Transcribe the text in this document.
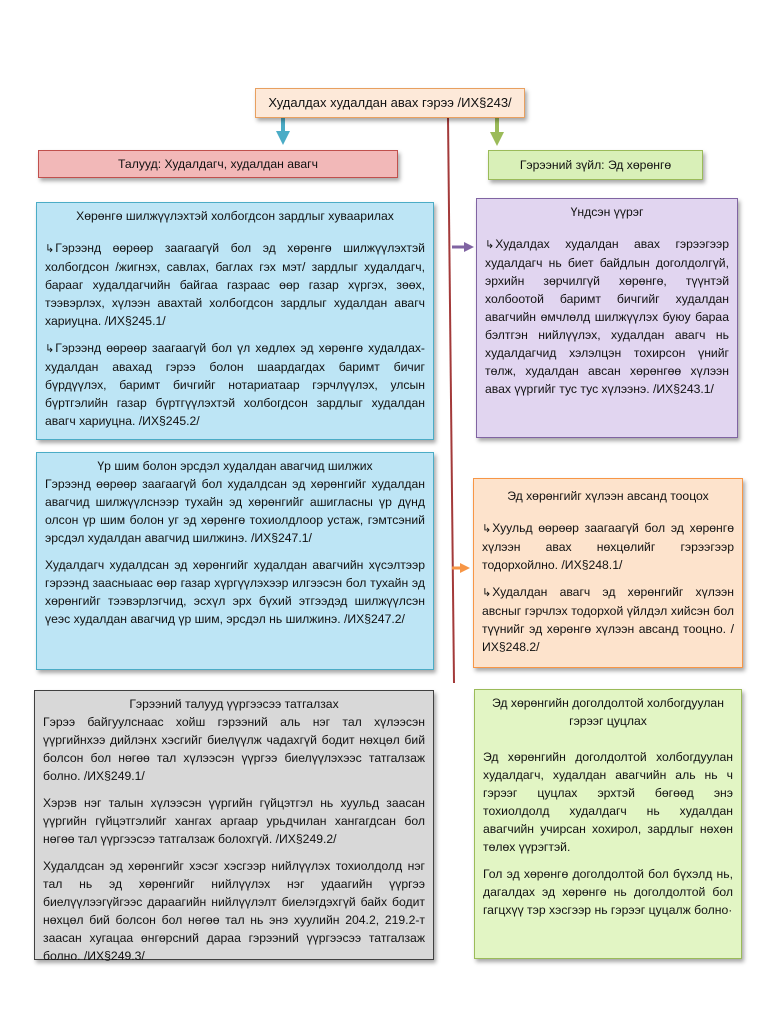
Худалдах худалдан авах гэрээ /ИХ§243/
Талууд: Худалдагч, худалдан авагч	Гэрээний зүйл: Эд хөрөнгө
Хөрөнгө шилжүүлэхтэй холбогдсон зардлыг хуваарилах

↳ Гэрээнд өөрөөр заагаагүй бол эд хөрөнгө шилжүүлэхтэй холбогдсон /жигнэх, савлах, баглах гэх мэт/ зардлыг худалдагч, барааг худалдагчийн байгаа газраас өөр газар хүргэх, зөөх, тээвэрлэх, хүлээн авахтай холбогдсон зардлыг худалдан авагч хариуцна. /ИХ§245.1/

↳ Гэрээнд өөрөөр заагаагүй бол үл хөдлөх эд хөрөнгө худалдах-худалдан авахад гэрээ болон шаардагдах баримт бичиг бүрдүүлэх, баримт бичгийг нотариатаар гэрчлүүлэх, улсын бүртгэлийн газар бүртгүүлэхтэй холбогдсон зардлыг худалдан авагч хариуцна. /ИХ§245.2/

Үр шим болон эрсдэл худалдан авагчид шилжих

Гэрээнд өөрөөр заагаагүй бол худалдсан эд хөрөнгийг худалдан авагчид шилжүүлснээр тухайн эд хөрөнгийг ашигласны үр дүнд олсон үр шим болон уг эд хөрөнгө тохиолдлоор устаж, гэмтсэний эрсдэл худалдан авагчид шилжинэ. /ИХ§247.1/

Худалдагч худалдсан эд хөрөнгийг худалдан авагчийн хүсэлтээр гэрээнд заасныаас өөр газар хүргүүлэхээр илгээсэн бол тухайн эд хөрөнгийг тээвэрлэгчид, эсхүл эрх бүхий этгээдэд шилжүүлсэн үеэс худалдан авагчид үр шим, эрсдэл нь шилжинэ. /ИХ§247.2/

Гэрээний талууд үүргээсээ татгалзах

Гэрээ байгуулснаас хойш гэрээний аль нэг тал хүлээсэн үүргийнхээ дийлэнх хэсгийг биелүүлж чадахгүй бодит нөхцөл бий болсон бол нөгөө тал хүлээсэн үүргээ биелүүлэхээс татгалзаж болно. /ИХ§249.1/

Хэрэв нэг талын хүлээсэн үүргийн гүйцэтгэл нь хуульд заасан үүргийн гүйцэтгэлийг хангах аргаар урьдчилан хангагдсан бол нөгөө тал үүргээсээ татгалзаж болохгүй. /ИХ§249.2/

Худалдсан эд хөрөнгийг хэсэг хэсгээр нийлүүлэх тохиолдолд нэг тал нь эд хөрөнгийг нийлүүлэх нэг удаагийн үүргээ биелүүлээгүйгээс дараагийн нийлүүлэлт биелэгдэхгүй байх бодит нөхцөл бий болсон бол нөгөө тал нь энэ хуулийн 204.2, 219.2-т заасан хугацаа өнгөрсний дараа гэрээний үүргээсээ татгалзаж болно. /ИХ§249.3/

Үндсэн үүрэг

↳ Худалдах худалдан авах гэрээгээр худалдагч нь биет байдлын доголдолгүй, эрхийн зөрчилгүй хөрөнгө, түүнтэй холбоотой баримт бичгийг худалдан авагчийн өмчлөлд шилжүүлэх буюу бараа бэлтгэн нийлүүлэх, худалдан авагч нь худалдагчид хэлэлцэн тохирсон үнийг төлж, худалдан авсан хөрөнгөө хүлээн авах үүргийг тус тус хүлээнэ. /ИХ§243.1/

Эд хөрөнгийг хүлээн авсанд тооцох

↳ Хуульд өөрөөр заагаагүй бол эд хөрөнгө хүлээн авах нөхцөлийг гэрээгээр тодорхойлно. /ИХ§248.1/

↳ Худалдан авагч эд хөрөнгийг хүлээн авсныг гэрчлэх тодорхой үйлдэл хийсэн бол түүнийг эд хөрөнгө хүлээн авсанд тооцно. /ИХ§248.2/

Эд хөрөнгийн доголдолтой холбогдуулан гэрээг цуцлах

Эд хөрөнгийн доголдолтой холбогдуулан худалдагч, худалдан авагчийн аль нь ч гэрээг цуцлах эрхтэй бөгөөд энэ тохиолдолд худалдагч нь худалдан авагчийн учирсан хохирол, зардлыг нөхөн төлөх үүрэгтэй.

Гол эд хөрөнгө доголдолтой бол бүхэлд нь, дагалдах эд хөрөнгө нь доголдолтой бол гагцхүү тэр хэсгээр нь гэрээг цуцалж болно·
